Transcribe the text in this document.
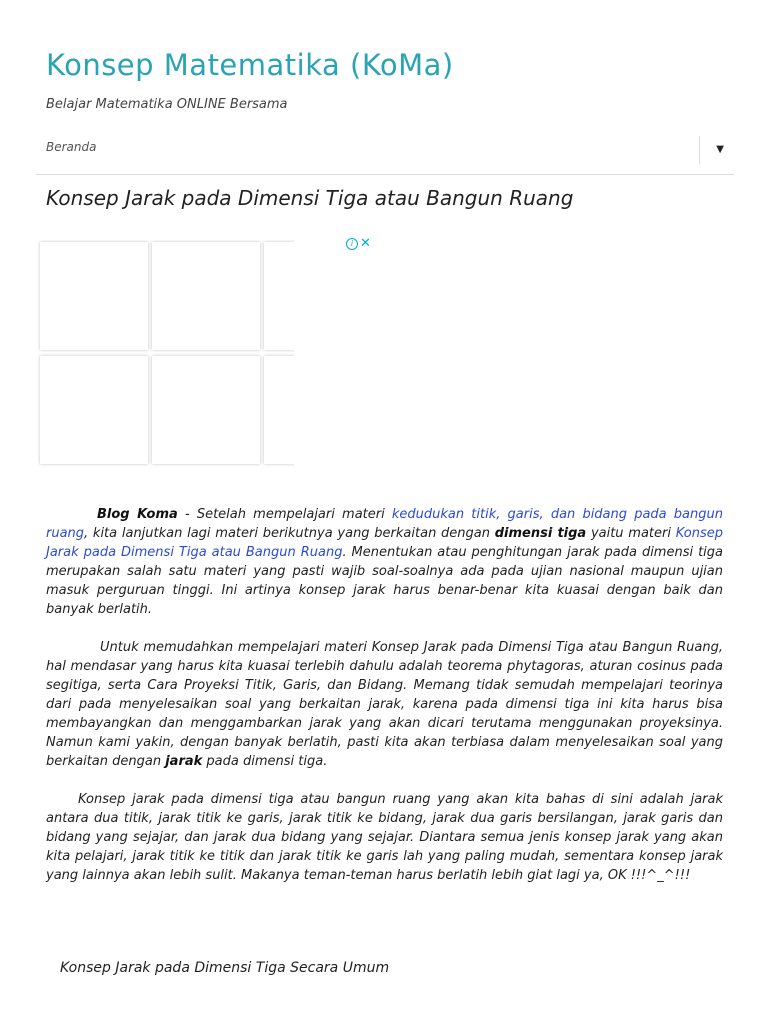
Konsep Matematika (KoMa)
Belajar Matematika ONLINE Bersama
Beranda	▼
Konsep Jarak pada Dimensi Tiga atau Bangun Ruang
i ✕

Blog Koma - Setelah mempelajari materi kedudukan titik, garis, dan bidang pada bangun ruang, kita lanjutkan lagi materi berikutnya yang berkaitan dengan dimensi tiga yaitu materi Konsep Jarak pada Dimensi Tiga atau Bangun Ruang. Menentukan atau penghitungan jarak pada dimensi tiga merupakan salah satu materi yang pasti wajib soal-soalnya ada pada ujian nasional maupun ujian masuk perguruan tinggi. Ini artinya konsep jarak harus benar-benar kita kuasai dengan baik dan banyak berlatih.

Untuk memudahkan mempelajari materi Konsep Jarak pada Dimensi Tiga atau Bangun Ruang, hal mendasar yang harus kita kuasai terlebih dahulu adalah teorema phytagoras, aturan cosinus pada segitiga, serta Cara Proyeksi Titik, Garis, dan Bidang. Memang tidak semudah mempelajari teorinya dari pada menyelesaikan soal yang berkaitan jarak, karena pada dimensi tiga ini kita harus bisa membayangkan dan menggambarkan jarak yang akan dicari terutama menggunakan proyeksinya. Namun kami yakin, dengan banyak berlatih, pasti kita akan terbiasa dalam menyelesaikan soal yang berkaitan dengan jarak pada dimensi tiga.

Konsep jarak pada dimensi tiga atau bangun ruang yang akan kita bahas di sini adalah jarak antara dua titik, jarak titik ke garis, jarak titik ke bidang, jarak dua garis bersilangan, jarak garis dan bidang yang sejajar, dan jarak dua bidang yang sejajar. Diantara semua jenis konsep jarak yang akan kita pelajari, jarak titik ke titik dan jarak titik ke garis lah yang paling mudah, sementara konsep jarak yang lainnya akan lebih sulit. Makanya teman-teman harus berlatih lebih giat lagi ya, OK !!!^_^!!!

Konsep Jarak pada Dimensi Tiga Secara Umum
